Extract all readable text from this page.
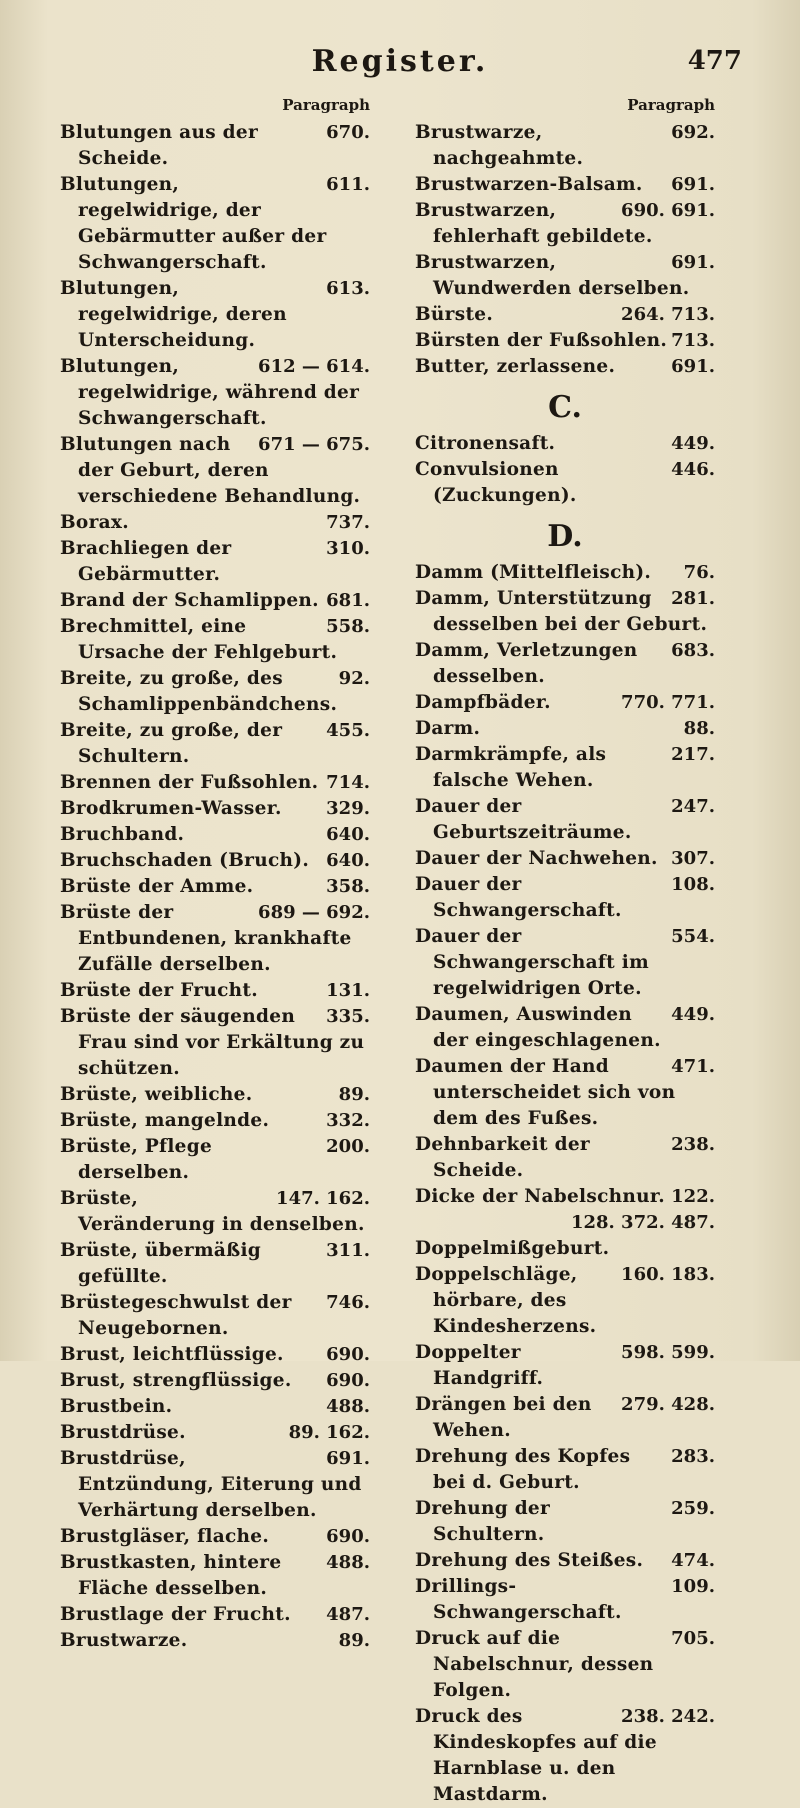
Register.	477
Paragraph
670.
Blutungen aus der Scheide.
611.
Blutungen, regelwidrige, der Gebärmutter außer der Schwangerschaft.
613.
Blutungen, regelwidrige, deren Unterscheidung.
612 — 614.
Blutungen, regelwidrige, während der Schwangerschaft.
671 — 675.
Blutungen nach der Geburt, deren verschiedene Behandlung.
737.
Borax.
310.
Brachliegen der Gebärmutter.
681.
Brand der Schamlippen.
558.
Brechmittel, eine Ursache der Fehlgeburt.
92.
Breite, zu große, des Schamlippenbändchens.
455.
Breite, zu große, der Schultern.
714.
Brennen der Fußsohlen.
329.
Brodkrumen-Wasser.
640.
Bruchband.
640.
Bruchschaden (Bruch).
358.
Brüste der Amme.
689 — 692.
Brüste der Entbundenen, krankhafte Zufälle derselben.
131.
Brüste der Frucht.
335.
Brüste der säugenden Frau sind vor Erkältung zu schützen.
89.
Brüste, weibliche.
332.
Brüste, mangelnde.
200.
Brüste, Pflege derselben.
147. 162.
Brüste, Veränderung in denselben.
311.
Brüste, übermäßig gefüllte.
746.
Brüstegeschwulst der Neugebornen.
690.
Brust, leichtflüssige.
690.
Brust, strengflüssige.
488.
Brustbein.
89. 162.
Brustdrüse.
691.
Brustdrüse, Entzündung, Eiterung und Verhärtung derselben.
690.
Brustgläser, flache.
488.
Brustkasten, hintere Fläche desselben.
487.
Brustlage der Frucht.
89.
Brustwarze.
Paragraph
692.
Brustwarze, nachgeahmte.
691.
Brustwarzen-Balsam.
690. 691.
Brustwarzen, fehlerhaft gebildete.
691.
Brustwarzen, Wundwerden derselben.
264. 713.
Bürste.
713.
Bürsten der Fußsohlen.
691.
Butter, zerlassene.
C.
449.
Citronensaft.
446.
Convulsionen (Zuckungen).
D.
76.
Damm (Mittelfleisch).
281.
Damm, Unterstützung desselben bei der Geburt.
683.
Damm, Verletzungen desselben.
770. 771.
Dampfbäder.
88.
Darm.
217.
Darmkrämpfe, als falsche Wehen.
247.
Dauer der Geburtszeiträume.
307.
Dauer der Nachwehen.
108.
Dauer der Schwangerschaft.
554.
Dauer der Schwangerschaft im regelwidrigen Orte.
449.
Daumen, Auswinden der eingeschlagenen.
471.
Daumen der Hand unterscheidet sich von dem des Fußes.
238.
Dehnbarkeit der Scheide.
122.
Dicke der Nabelschnur.
128. 372. 487.
Doppelmißgeburt.
160. 183.
Doppelschläge, hörbare, des Kindesherzens.
598. 599.
Doppelter Handgriff.
279. 428.
Drängen bei den Wehen.
283.
Drehung des Kopfes bei d. Geburt.
259.
Drehung der Schultern.
474.
Drehung des Steißes.
109.
Drillings-Schwangerschaft.
705.
Druck auf die Nabelschnur, dessen Folgen.
238. 242.
Druck des Kindeskopfes auf die Harnblase u. den Mastdarm.
